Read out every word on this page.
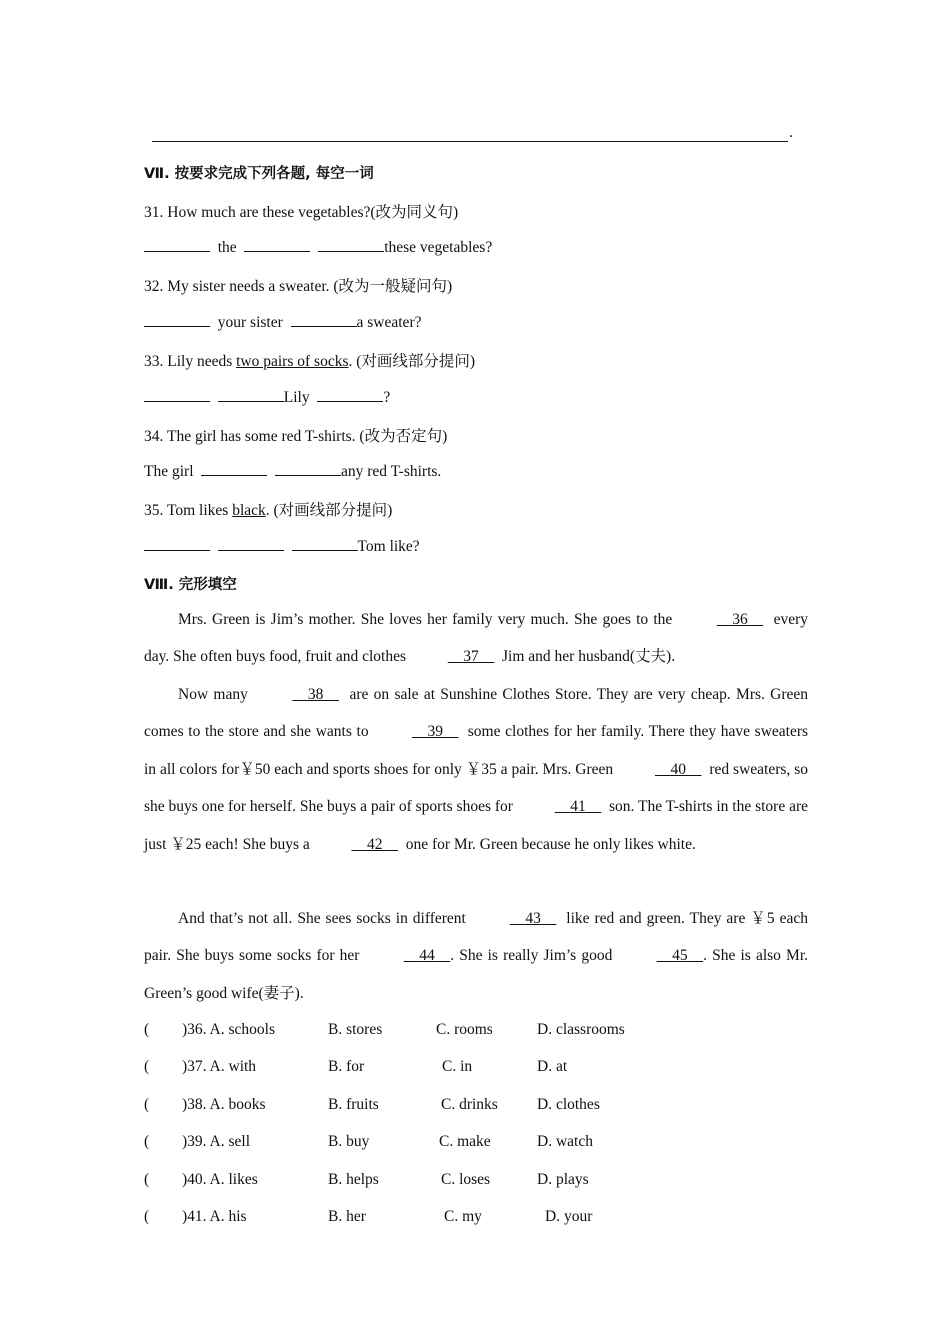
.
Ⅶ. 按要求完成下列各题, 每空一词
31. How much are these vegetables?(改为同义句)
the	these vegetables?
32. My sister needs a sweater. (改为一般疑问句)
your sister	a sweater?
33. Lily needs two pairs of socks. (对画线部分提问)
Lily	?
34. The girl has some red T-shirts. (改为否定句)
The girl	any red T-shirts.
35. Tom likes black. (对画线部分提问)
Tom like?
Ⅷ. 完形填空
Mrs. Green is Jim’s mother. She loves her family very much. She goes to the	36 every day. She often buys food, fruit and clothes	37 Jim and her husband(丈夫).
Now many	38 are on sale at Sunshine Clothes Store. They are very cheap. Mrs. Green comes to the store and she wants to	39 some clothes for her family. There they have sweaters in all colors for￥50 each and sports shoes for only ￥35 a pair. Mrs. Green	40 red sweaters, so she buys one for herself. She buys a pair of sports shoes for	41 son. The T-shirts in the store are just ￥25 each! She buys a	42 one for Mr. Green because he only likes white.
And that’s not all. She sees socks in different	43 like red and green. They are ￥5 each pair. She buys some socks for her	44 . She is really Jim’s good	45 . She is also Mr. Green’s good wife(妻子).
( )36. A. schools	B. stores	C. rooms	D. classrooms
( )37. A. with	B. for	C. in	D. at
( )38. A. books	B. fruits	C. drinks	D. clothes
( )39. A. sell	B. buy	C. make	D. watch
( )40. A. likes	B. helps	C. loses	D. plays
( )41. A. his	B. her	C. my	D. your
